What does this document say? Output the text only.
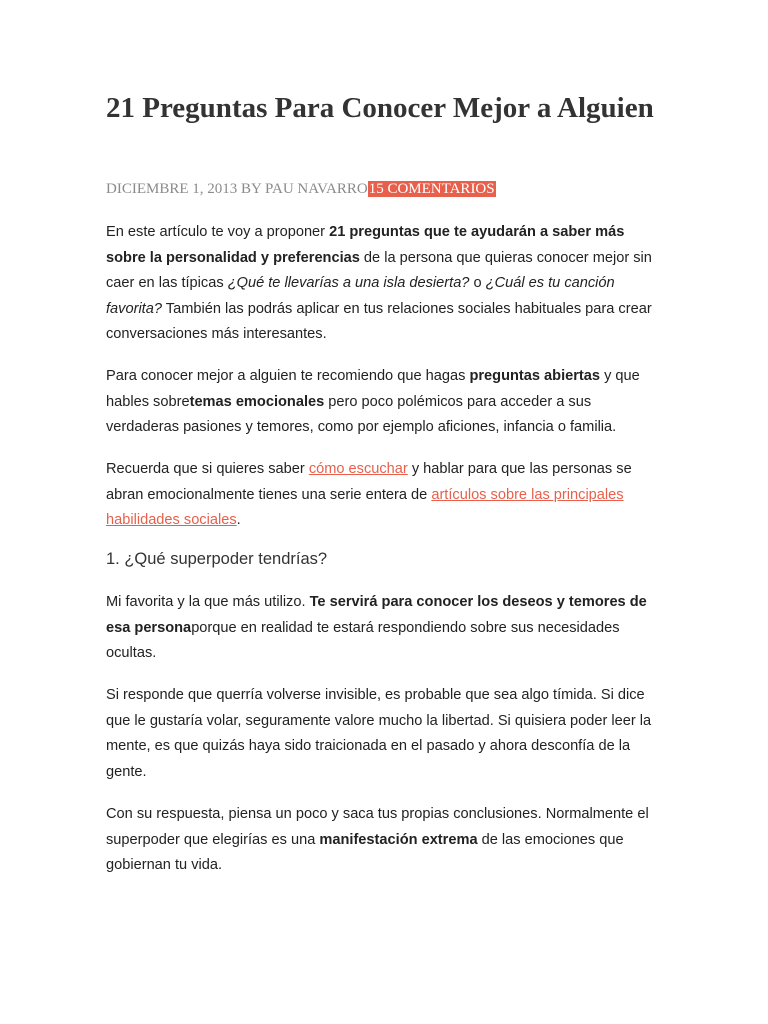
21 Preguntas Para Conocer Mejor a Alguien
DICIEMBRE 1, 2013 BY PAU NAVARRO15 COMENTARIOS

En este artículo te voy a proponer 21 preguntas que te ayudarán a saber más sobre la personalidad y preferencias de la persona que quieras conocer mejor sin caer en las típicas ¿Qué te llevarías a una isla desierta? o ¿Cuál es tu canción favorita? También las podrás aplicar en tus relaciones sociales habituales para crear conversaciones más interesantes.

Para conocer mejor a alguien te recomiendo que hagas preguntas abiertas y que hables sobretemas emocionales pero poco polémicos para acceder a sus verdaderas pasiones y temores, como por ejemplo aficiones, infancia o familia.

Recuerda que si quieres saber cómo escuchar y hablar para que las personas se abran emocionalmente tienes una serie entera de artículos sobre las principales habilidades sociales.

1. ¿Qué superpoder tendrías?

Mi favorita y la que más utilizo. Te servirá para conocer los deseos y temores de esa personaporque en realidad te estará respondiendo sobre sus necesidades ocultas.

Si responde que querría volverse invisible, es probable que sea algo tímida. Si dice que le gustaría volar, seguramente valore mucho la libertad. Si quisiera poder leer la mente, es que quizás haya sido traicionada en el pasado y ahora desconfía de la gente.

Con su respuesta, piensa un poco y saca tus propias conclusiones. Normalmente el superpoder que elegirías es una manifestación extrema de las emociones que gobiernan tu vida.
